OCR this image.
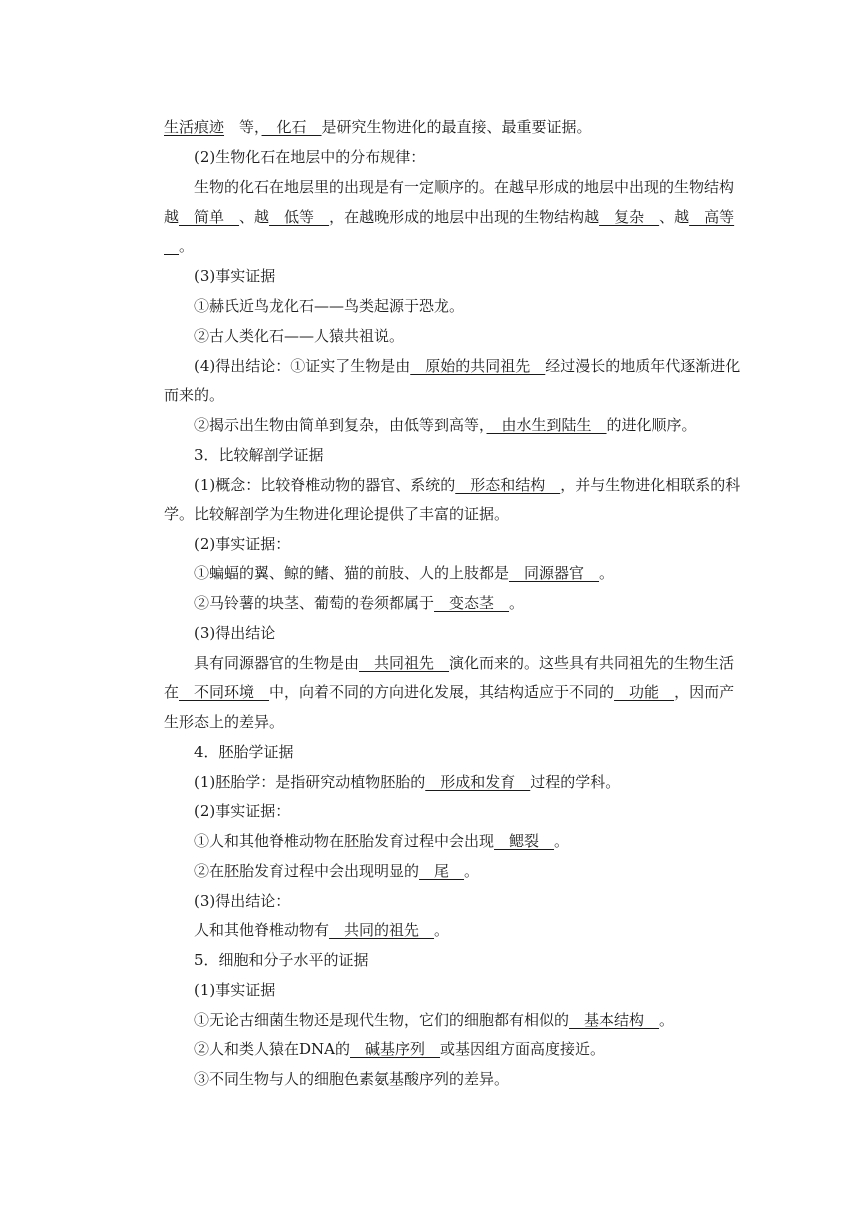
生活痕迹　等，　化石　是研究生物进化的最直接、最重要证据。
(2)生物化石在地层中的分布规律：
生物的化石在地层里的出现是有一定顺序的。在越早形成的地层中出现的生物结构
越　简单　、越　低等　，在越晚形成的地层中出现的生物结构越　复杂　、越　高等
　。
(3)事实证据
①赫氏近鸟龙化石——鸟类起源于恐龙。
②古人类化石——人猿共祖说。
(4)得出结论：①证实了生物是由　原始的共同祖先　经过漫长的地质年代逐渐进化
而来的。
②揭示出生物由简单到复杂，由低等到高等，　由水生到陆生　的进化顺序。
3．比较解剖学证据
(1)概念：比较脊椎动物的器官、系统的　形态和结构　，并与生物进化相联系的科
学。比较解剖学为生物进化理论提供了丰富的证据。
(2)事实证据：
①蝙蝠的翼、鲸的鳍、猫的前肢、人的上肢都是　同源器官　。
②马铃薯的块茎、葡萄的卷须都属于　变态茎　。
(3)得出结论
具有同源器官的生物是由　共同祖先　演化而来的。这些具有共同祖先的生物生活
在　不同环境　中，向着不同的方向进化发展，其结构适应于不同的　功能　，因而产
生形态上的差异。
4．胚胎学证据
(1)胚胎学：是指研究动植物胚胎的　形成和发育　过程的学科。
(2)事实证据：
①人和其他脊椎动物在胚胎发育过程中会出现　鳃裂　。
②在胚胎发育过程中会出现明显的　尾　。
(3)得出结论：
人和其他脊椎动物有　共同的祖先　。
5．细胞和分子水平的证据
(1)事实证据
①无论古细菌生物还是现代生物，它们的细胞都有相似的　基本结构　。
②人和类人猿在DNA的　碱基序列　或基因组方面高度接近。
③不同生物与人的细胞色素氨基酸序列的差异。
